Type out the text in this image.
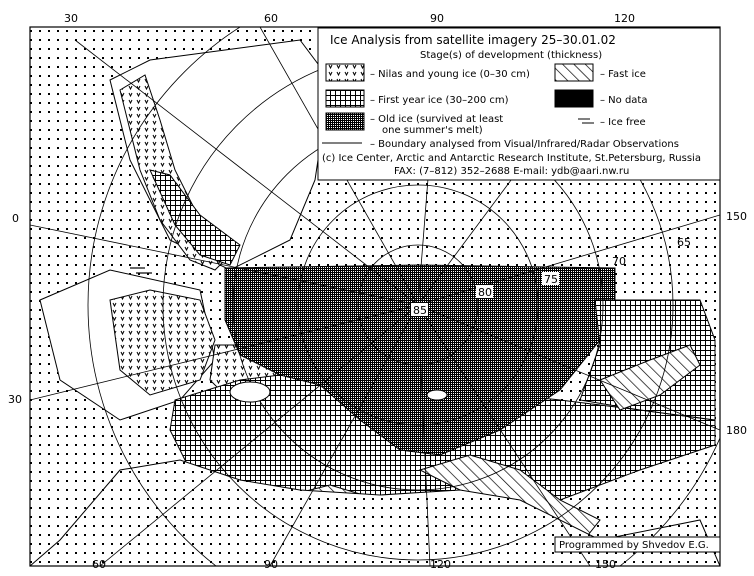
30	60	90	120
60	90	120	150
0
30
150
180
65
70
75
80
85
Ice Analysis from satellite imagery 25–30.01.02
Stage(s) of development (thickness)
– Nilas and young ice (0–30 cm)	– Fast ice
– First year ice (30–200 cm)	– No data
– Old ice (survived at least
one summer's melt)
– Ice free
– Boundary analysed from Visual/Infrared/Radar Observations
(c) Ice Center, Arctic and Antarctic Research Institute, St.Petersburg, Russia
FAX: (7–812) 352–2688 E-mail: ydb@aari.nw.ru
Programmed by Shvedov E.G.
